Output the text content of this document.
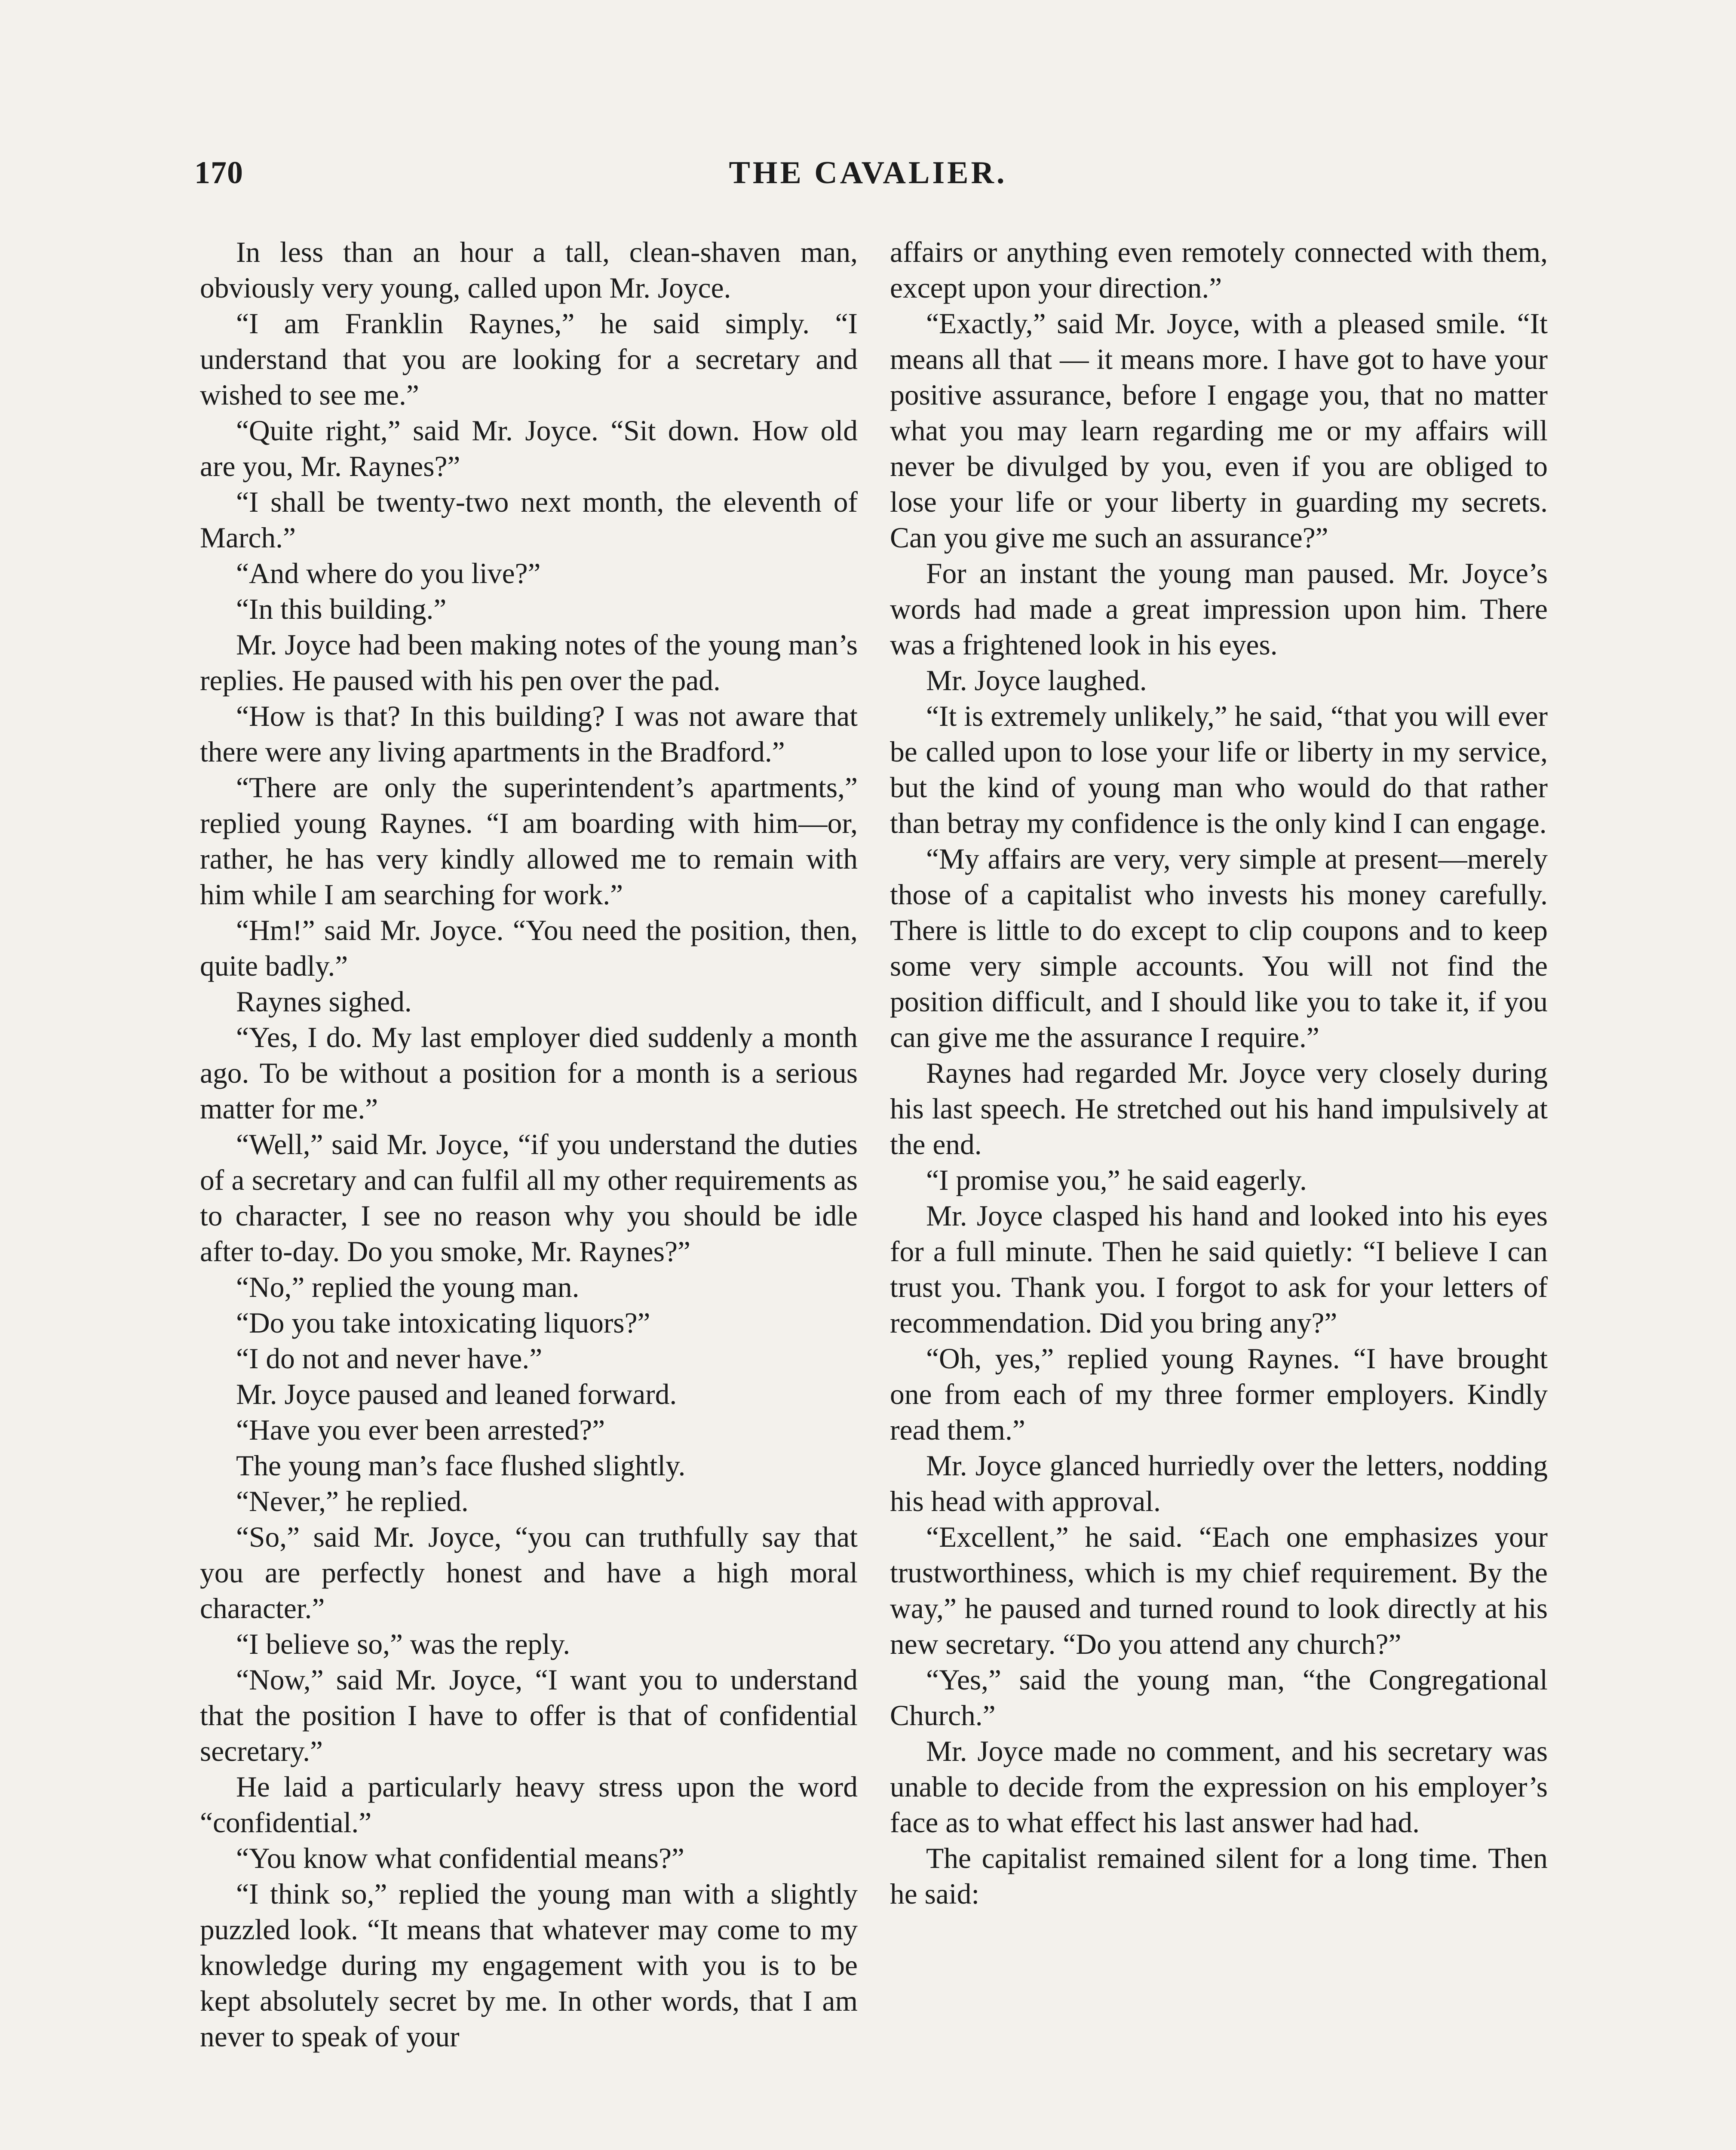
170	THE CAVALIER.

In less than an hour a tall, clean-shaven man, obviously very young, called upon Mr. Joyce.

“I am Franklin Raynes,” he said simply. “I understand that you are looking for a secretary and wished to see me.”

“Quite right,” said Mr. Joyce. “Sit down. How old are you, Mr. Raynes?”

“I shall be twenty-two next month, the eleventh of March.”

“And where do you live?”

“In this building.”

Mr. Joyce had been making notes of the young man’s replies. He paused with his pen over the pad.

“How is that? In this building? I was not aware that there were any living apartments in the Bradford.”

“There are only the superintendent’s apartments,” replied young Raynes. “I am boarding with him—or, rather, he has very kindly allowed me to remain with him while I am searching for work.”

“Hm!” said Mr. Joyce. “You need the position, then, quite badly.”

Raynes sighed.

“Yes, I do. My last employer died suddenly a month ago. To be without a position for a month is a serious matter for me.”

“Well,” said Mr. Joyce, “if you understand the duties of a secretary and can fulfil all my other requirements as to character, I see no reason why you should be idle after to-day. Do you smoke, Mr. Raynes?”

“No,” replied the young man.

“Do you take intoxicating liquors?”

“I do not and never have.”

Mr. Joyce paused and leaned forward.

“Have you ever been arrested?”

The young man’s face flushed slightly.

“Never,” he replied.

“So,” said Mr. Joyce, “you can truthfully say that you are perfectly honest and have a high moral character.”

“I believe so,” was the reply.

“Now,” said Mr. Joyce, “I want you to understand that the position I have to offer is that of confidential secretary.”

He laid a particularly heavy stress upon the word “confidential.”

“You know what confidential means?”

“I think so,” replied the young man with a slightly puzzled look. “It means that whatever may come to my knowledge during my engagement with you is to be kept absolutely secret by me. In other words, that I am never to speak of your

affairs or anything even remotely connected with them, except upon your direction.”

“Exactly,” said Mr. Joyce, with a pleased smile. “It means all that — it means more. I have got to have your positive assurance, before I engage you, that no matter what you may learn regarding me or my affairs will never be divulged by you, even if you are obliged to lose your life or your liberty in guarding my secrets. Can you give me such an assurance?”

For an instant the young man paused. Mr. Joyce’s words had made a great impression upon him. There was a frightened look in his eyes.

Mr. Joyce laughed.

“It is extremely unlikely,” he said, “that you will ever be called upon to lose your life or liberty in my service, but the kind of young man who would do that rather than betray my confidence is the only kind I can engage.

“My affairs are very, very simple at present—merely those of a capitalist who invests his money carefully. There is little to do except to clip coupons and to keep some very simple accounts. You will not find the position difficult, and I should like you to take it, if you can give me the assurance I require.”

Raynes had regarded Mr. Joyce very closely during his last speech. He stretched out his hand impulsively at the end.

“I promise you,” he said eagerly.

Mr. Joyce clasped his hand and looked into his eyes for a full minute. Then he said quietly: “I believe I can trust you. Thank you. I forgot to ask for your letters of recommendation. Did you bring any?”

“Oh, yes,” replied young Raynes. “I have brought one from each of my three former employers. Kindly read them.”

Mr. Joyce glanced hurriedly over the letters, nodding his head with approval.

“Excellent,” he said. “Each one emphasizes your trustworthiness, which is my chief requirement. By the way,” he paused and turned round to look directly at his new secretary. “Do you attend any church?”

“Yes,” said the young man, “the Congregational Church.”

Mr. Joyce made no comment, and his secretary was unable to decide from the expression on his employer’s face as to what effect his last answer had had.

The capitalist remained silent for a long time. Then he said:
